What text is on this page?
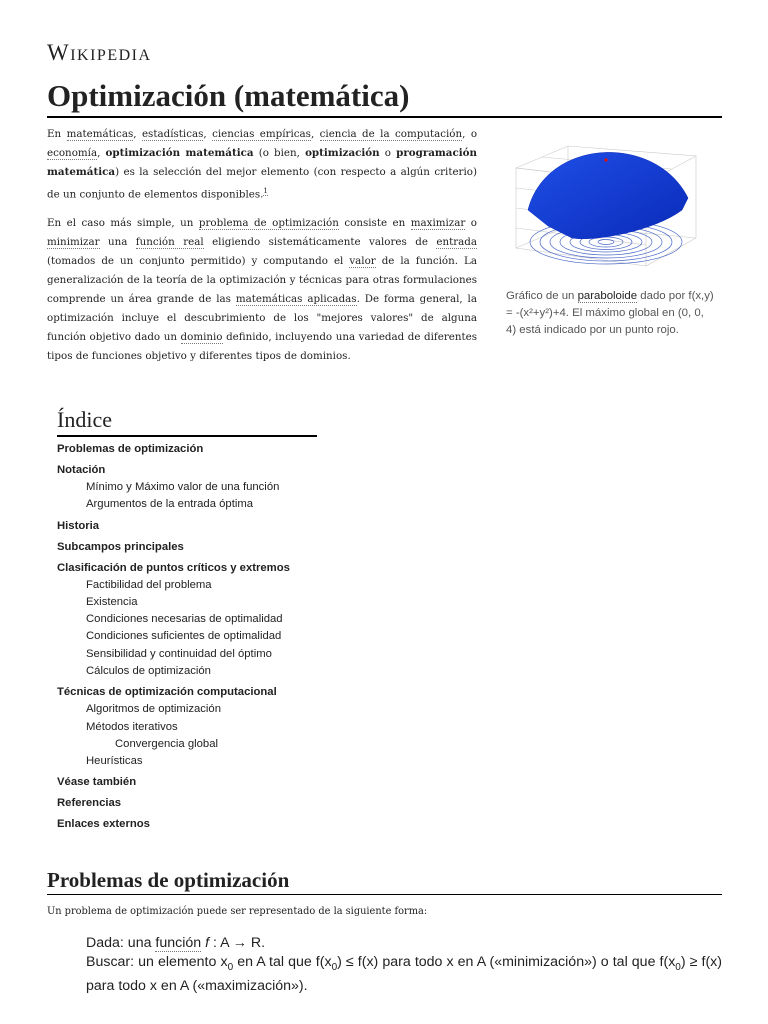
Wikipedia
Optimización (matemática)

En matemáticas, estadísticas, ciencias empíricas, ciencia de la computación, o economía, optimización matemática (o bien, optimización o programación matemática) es la selección del mejor elemento (con respecto a algún criterio) de un conjunto de elementos disponibles.$^1$

En el caso más simple, un problema de optimización consiste en maximizar o minimizar una función real eligiendo sistemáticamente valores de entrada (tomados de un conjunto permitido) y computando el valor de la función. La generalización de la teoría de la optimización y técnicas para otras formulaciones comprende un área grande de las matemáticas aplicadas. De forma general, la optimización incluye el descubrimiento de los "mejores valores" de alguna función objetivo dado un dominio definido, incluyendo una variedad de diferentes tipos de funciones objetivo y diferentes tipos de dominios.

Gráfico de un paraboloide dado por f(x,y) = -(x²+y²)+4. El máximo global en (0, 0, 4) está indicado por un punto rojo.
Índice
Problemas de optimización
Notación
Mínimo y Máximo valor de una función
Argumentos de la entrada óptima
Historia
Subcampos principales
Clasificación de puntos críticos y extremos
Factibilidad del problema
Existencia
Condiciones necesarias de optimalidad
Condiciones suficientes de optimalidad
Sensibilidad y continuidad del óptimo
Cálculos de optimización
Técnicas de optimización computacional
Algoritmos de optimización
Métodos iterativos
Convergencia global
Heurísticas
Véase también
Referencias
Enlaces externos
Problemas de optimización
Un problema de optimización puede ser representado de la siguiente forma:
Dada: una función f : A → R.
Buscar: un elemento $x_0$ en A tal que $f(x_0) \le f(x)$ para todo x en A («minimización») o tal que $f(x_0) \ge f(x)$ para todo x en A («maximización»).
